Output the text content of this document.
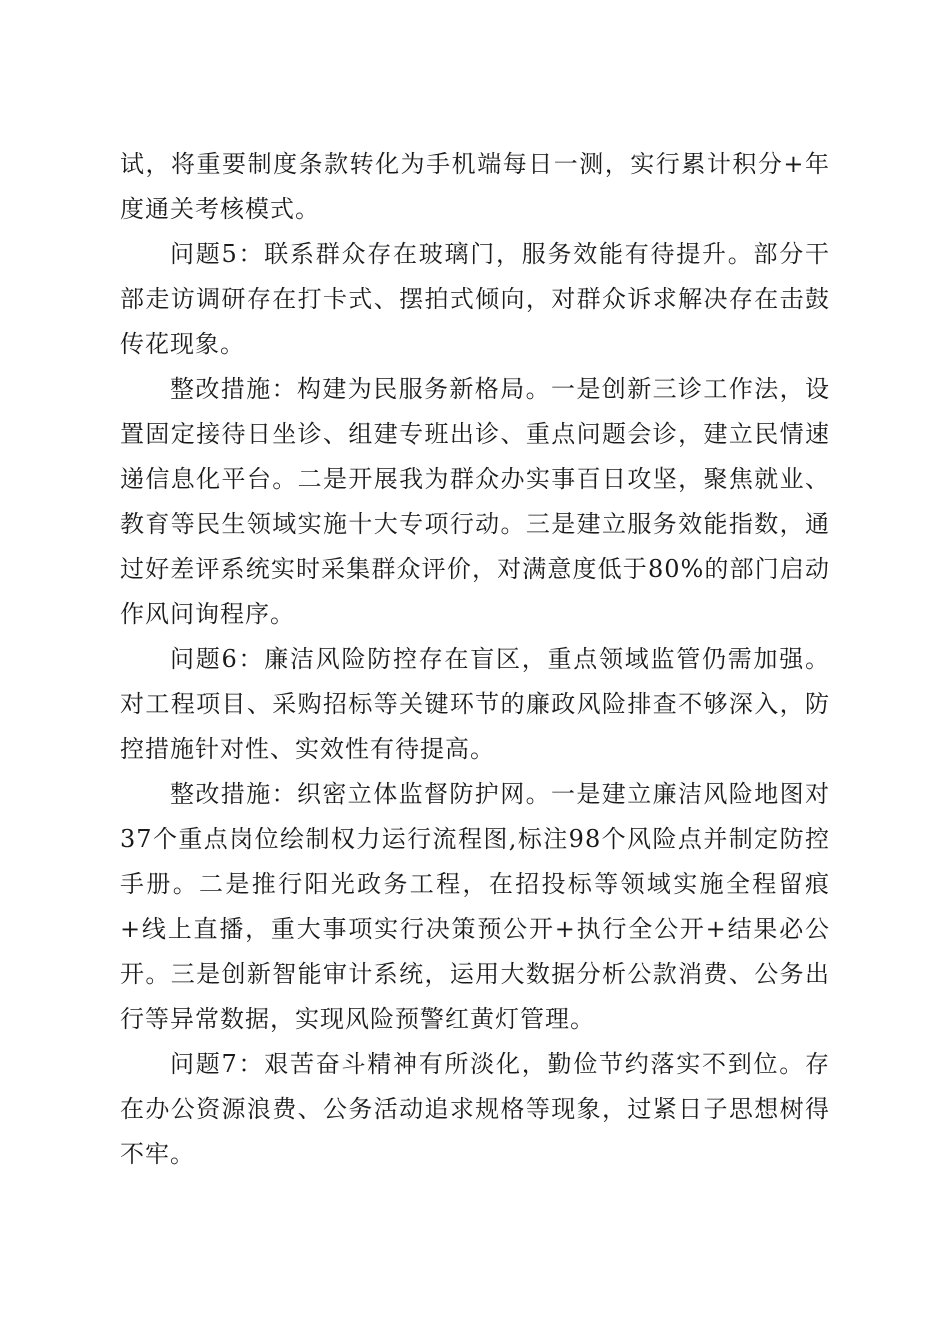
试，将重要制度条款转化为手机端每日一测，实行累计积分+年度通关考核模式。

问题5：联系群众存在玻璃门，服务效能有待提升。部分干部走访调研存在打卡式、摆拍式倾向，对群众诉求解决存在击鼓传花现象。

整改措施：构建为民服务新格局。一是创新三诊工作法，设置固定接待日坐诊、组建专班出诊、重点问题会诊，建立民情速递信息化平台。二是开展我为群众办实事百日攻坚，聚焦就业、教育等民生领域实施十大专项行动。三是建立服务效能指数，通过好差评系统实时采集群众评价，对满意度低于80%的部门启动作风问询程序。

问题6：廉洁风险防控存在盲区，重点领域监管仍需加强。对工程项目、采购招标等关键环节的廉政风险排查不够深入，防控措施针对性、实效性有待提高。

整改措施：织密立体监督防护网。一是建立廉洁风险地图对37个重点岗位绘制权力运行流程图,标注98个风险点并制定防控手册。二是推行阳光政务工程，在招投标等领域实施全程留痕+线上直播，重大事项实行决策预公开+执行全公开+结果必公开。三是创新智能审计系统，运用大数据分析公款消费、公务出行等异常数据，实现风险预警红黄灯管理。

问题7：艰苦奋斗精神有所淡化，勤俭节约落实不到位。存在办公资源浪费、公务活动追求规格等现象，过紧日子思想树得不牢。
